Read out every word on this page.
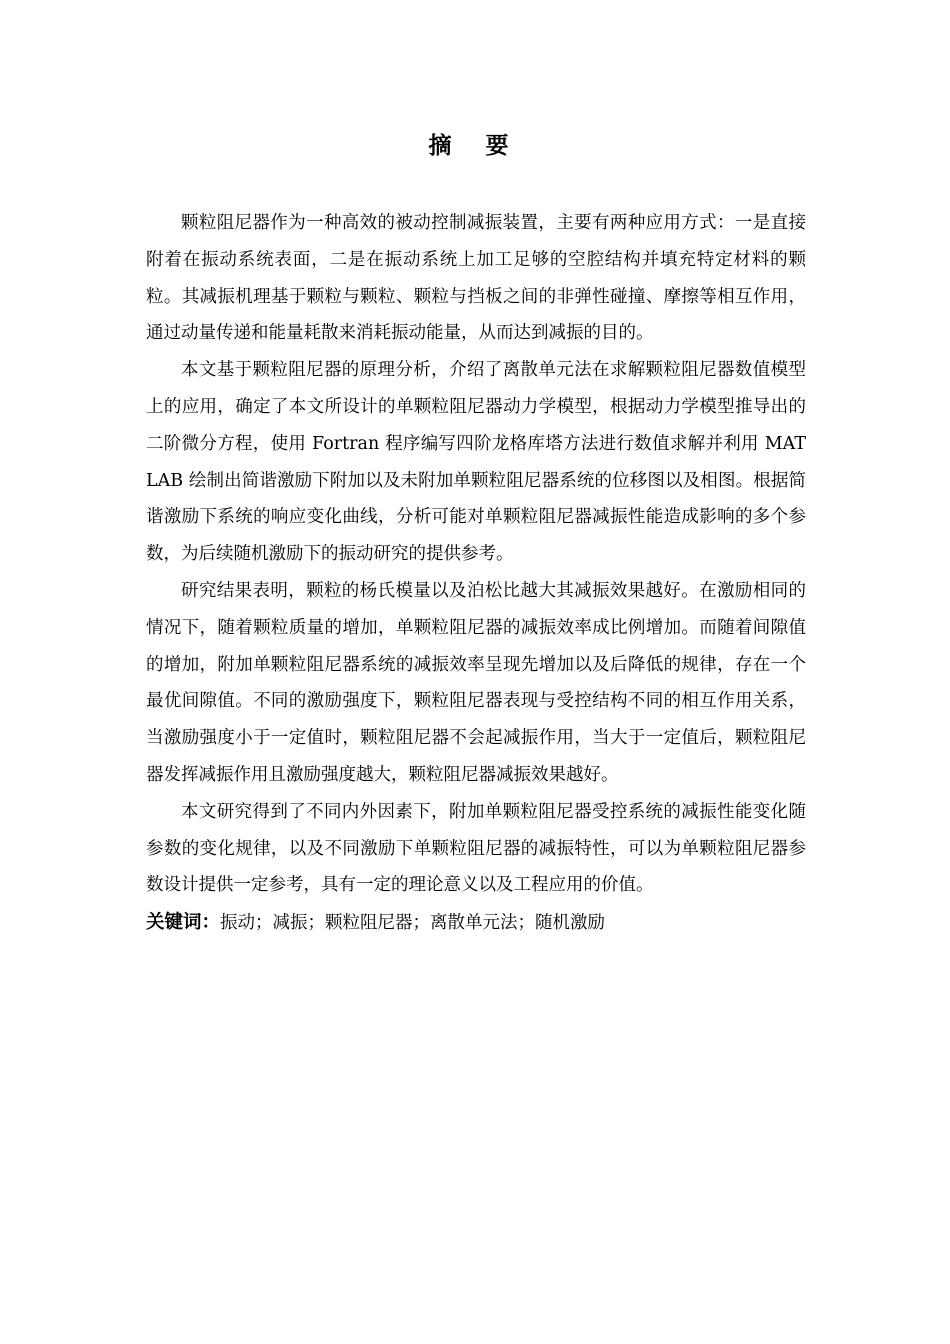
摘 要

颗粒阻尼器作为一种高效的被动控制减振装置，主要有两种应用方式：一是直接附着在振动系统表面，二是在振动系统上加工足够的空腔结构并填充特定材料的颗粒。其减振机理基于颗粒与颗粒、颗粒与挡板之间的非弹性碰撞、摩擦等相互作用，通过动量传递和能量耗散来消耗振动能量，从而达到减振的目的。

本文基于颗粒阻尼器的原理分析，介绍了离散单元法在求解颗粒阻尼器数值模型上的应用，确定了本文所设计的单颗粒阻尼器动力学模型，根据动力学模型推导出的二阶微分方程，使用 Fortran 程序编写四阶龙格库塔方法进行数值求解并利用 MATLAB 绘制出简谐激励下附加以及未附加单颗粒阻尼器系统的位移图以及相图。根据简谐激励下系统的响应变化曲线，分析可能对单颗粒阻尼器减振性能造成影响的多个参数，为后续随机激励下的振动研究的提供参考。

研究结果表明，颗粒的杨氏模量以及泊松比越大其减振效果越好。在激励相同的情况下，随着颗粒质量的增加，单颗粒阻尼器的减振效率成比例增加。而随着间隙值的增加，附加单颗粒阻尼器系统的减振效率呈现先增加以及后降低的规律，存在一个最优间隙值。不同的激励强度下，颗粒阻尼器表现与受控结构不同的相互作用关系，当激励强度小于一定值时，颗粒阻尼器不会起减振作用，当大于一定值后，颗粒阻尼器发挥减振作用且激励强度越大，颗粒阻尼器减振效果越好。

本文研究得到了不同内外因素下，附加单颗粒阻尼器受控系统的减振性能变化随参数的变化规律，以及不同激励下单颗粒阻尼器的减振特性，可以为单颗粒阻尼器参数设计提供一定参考，具有一定的理论意义以及工程应用的价值。

关键词：振动；减振；颗粒阻尼器；离散单元法；随机激励
